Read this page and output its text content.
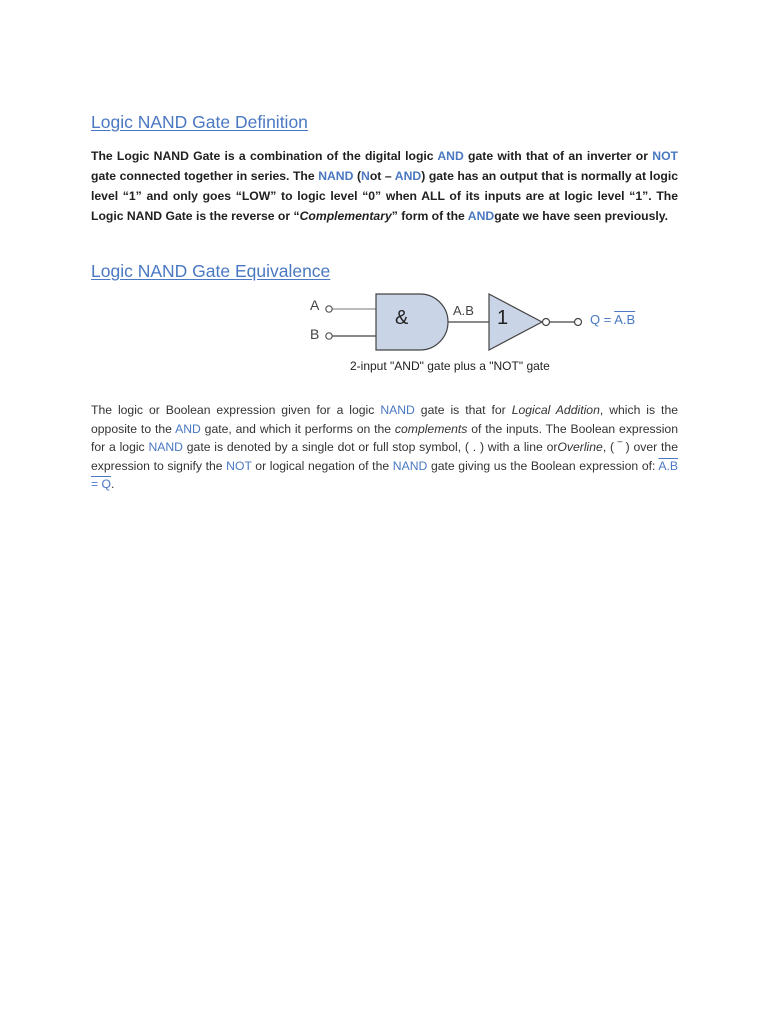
Logic NAND Gate Definition

The Logic NAND Gate is a combination of the digital logic AND gate with that of an inverter or NOT gate connected together in series. The NAND (Not – AND) gate has an output that is normally at logic level “1” and only goes “LOW” to logic level “0” when ALL of its inputs are at logic level “1”. The Logic NAND Gate is the reverse or “Complementary” form of the ANDgate we have seen previously.

Logic NAND Gate Equivalence
A
B
&	A.B 1	Q = A.B
2-input "AND" gate plus a "NOT" gate

The logic or Boolean expression given for a logic NAND gate is that for Logical Addition, which is the opposite to the AND gate, and which it performs on the complements of the inputs. The Boolean expression for a logic NAND gate is denoted by a single dot or full stop symbol, ( . ) with a line orOverline, ( ‾ ) over the expression to signify the NOT or logical negation of the NAND gate giving us the Boolean expression of: A.B = Q.
